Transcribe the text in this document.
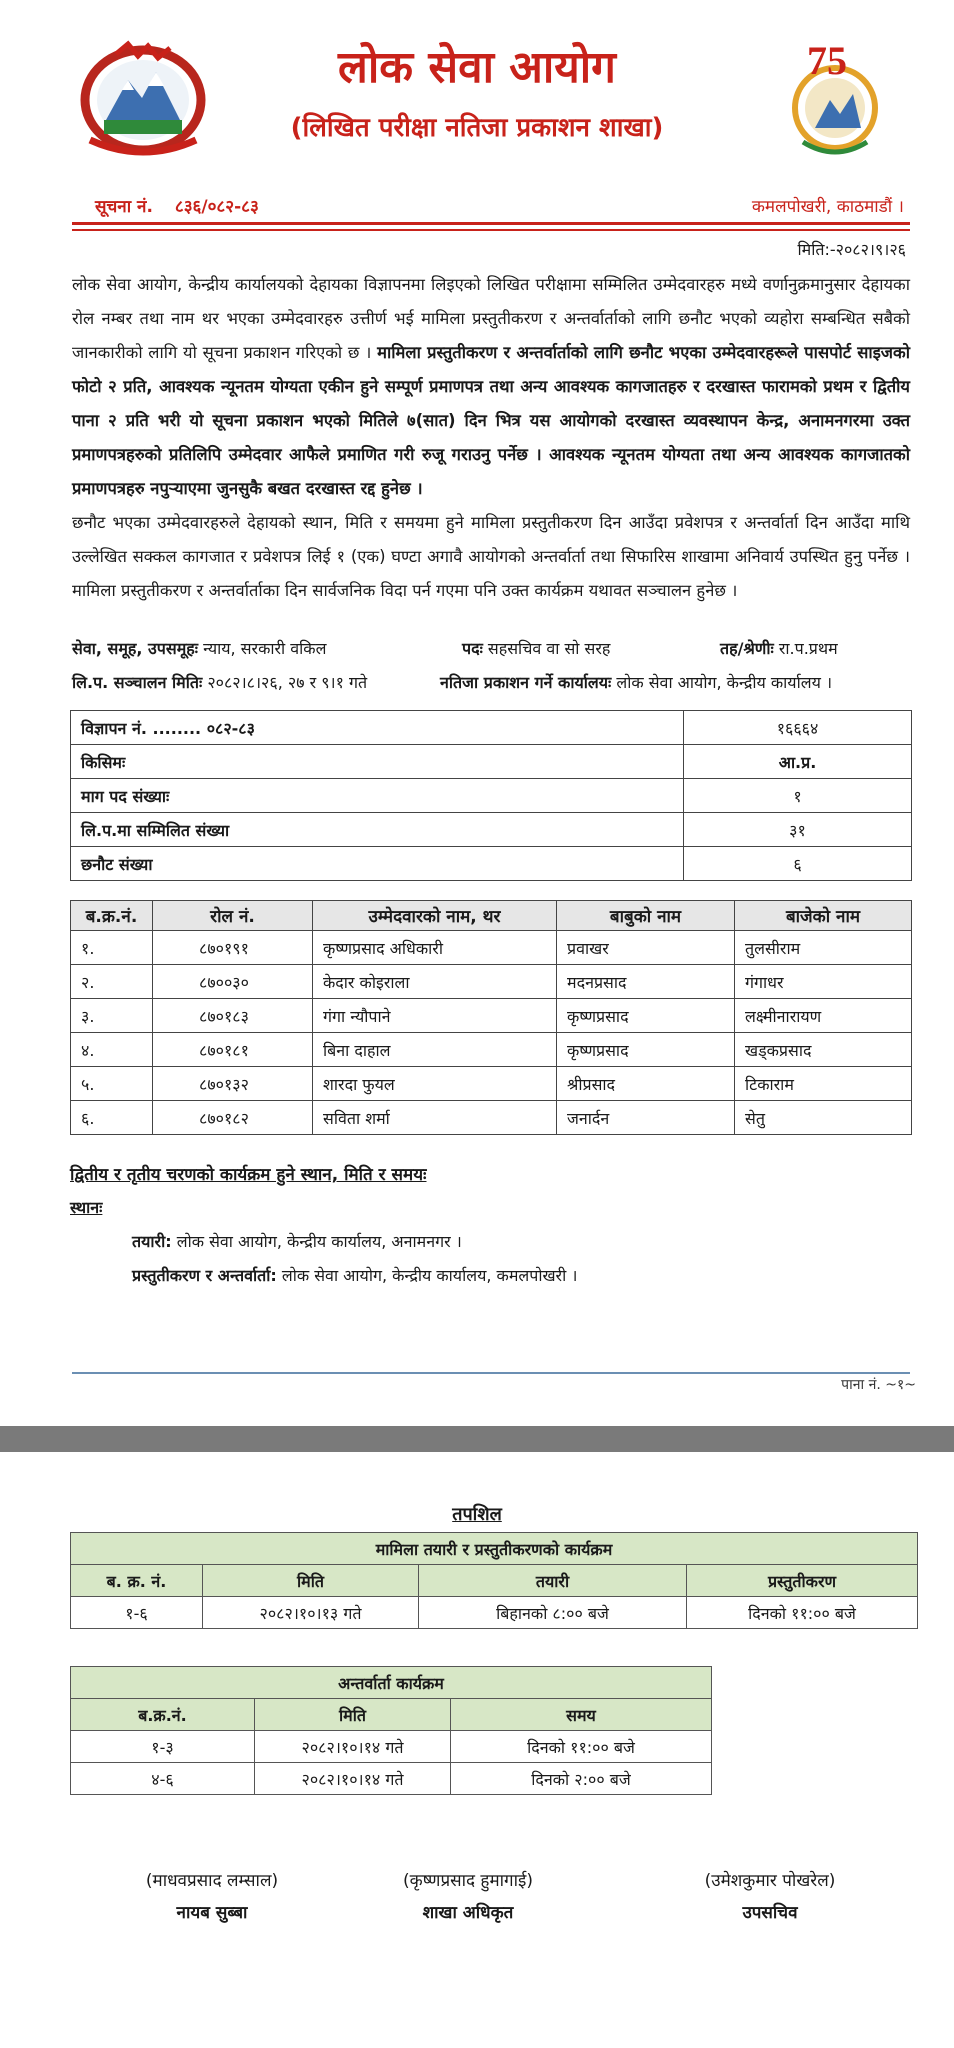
लोक सेवा आयोग
(लिखित परीक्षा नतिजा प्रकाशन शाखा)
75
सूचना नं. ८३६/०८२-८३	कमलपोखरी, काठमाडौं ।
मिति:-२०८२।९।२६
लोक सेवा आयोग, केन्द्रीय कार्यालयको देहायका विज्ञापनमा लिइएको लिखित परीक्षामा सम्मिलित उम्मेदवारहरु मध्ये वर्णानुक्रमानुसार देहायका रोल नम्बर तथा नाम थर भएका उम्मेदवारहरु उत्तीर्ण भई मामिला प्रस्तुतीकरण र अन्तर्वार्ताको लागि छनौट भएको व्यहोरा सम्बन्धित सबैको जानकारीको लागि यो सूचना प्रकाशन गरिएको छ । मामिला प्रस्तुतीकरण र अन्तर्वार्ताको लागि छनौट भएका उम्मेदवारहरूले पासपोर्ट साइजको फोटो २ प्रति, आवश्यक न्यूनतम योग्यता एकीन हुने सम्पूर्ण प्रमाणपत्र तथा अन्य आवश्यक कागजातहरु र दरखास्त फारामको प्रथम र द्वितीय पाना २ प्रति भरी यो सूचना प्रकाशन भएको मितिले ७(सात) दिन भित्र यस आयोगको दरखास्त व्यवस्थापन केन्द्र, अनामनगरमा उक्त प्रमाणपत्रहरुको प्रतिलिपि उम्मेदवार आफैले प्रमाणित गरी रुजू गराउनु पर्नेछ । आवश्यक न्यूनतम योग्यता तथा अन्य आवश्यक कागजातको प्रमाणपत्रहरु नपुऱ्याएमा जुनसुकै बखत दरखास्त रद्द हुनेछ ।
छनौट भएका उम्मेदवारहरुले देहायको स्थान, मिति र समयमा हुने मामिला प्रस्तुतीकरण दिन आउँदा प्रवेशपत्र र अन्तर्वार्ता दिन आउँदा माथि उल्लेखित सक्कल कागजात र प्रवेशपत्र लिई १ (एक) घण्टा अगावै आयोगको अन्तर्वार्ता तथा सिफारिस शाखामा अनिवार्य उपस्थित हुनु पर्नेछ । मामिला प्रस्तुतीकरण र अन्तर्वार्ताका दिन सार्वजनिक विदा पर्न गएमा पनि उक्त कार्यक्रम यथावत सञ्चालन हुनेछ ।
सेवा, समूह, उपसमूहः न्याय, सरकारी वकिल	पदः सहसचिव वा सो सरह	तह/श्रेणीः रा.प.प्रथम
लि.प. सञ्चालन मितिः २०८२।८।२६, २७ र ९।१ गते	नतिजा प्रकाशन गर्ने कार्यालयः लोक सेवा आयोग, केन्द्रीय कार्यालय ।
विज्ञापन नं. ........ ०८२-८३	१६६६४
किसिमः	आ.प्र.
माग पद संख्याः	१
लि.प.मा सम्मिलित संख्या	३१
छनौट संख्या	६
ब.क्र.नं.	रोल नं.	उम्मेदवारको नाम, थर	बाबुको नाम	बाजेको नाम
१.	८७०१९१	कृष्णप्रसाद अधिकारी	प्रवाखर	तुलसीराम
२.	८७००३०	केदार कोइराला	मदनप्रसाद	गंगाधर
३.	८७०१८३	गंगा न्यौपाने	कृष्णप्रसाद	लक्ष्मीनारायण
४.	८७०१८१	बिना दाहाल	कृष्णप्रसाद	खड्कप्रसाद
५.	८७०१३२	शारदा फुयल	श्रीप्रसाद	टिकाराम
६.	८७०१८२	सविता शर्मा	जनार्दन	सेतु
द्वितीय र तृतीय चरणको कार्यक्रम हुने स्थान, मिति र समयः
स्थानः
तयारी: लोक सेवा आयोग, केन्द्रीय कार्यालय, अनामनगर ।
प्रस्तुतीकरण र अन्तर्वार्ता: लोक सेवा आयोग, केन्द्रीय कार्यालय, कमलपोखरी ।
पाना नं. ~१~
तपशिल
मामिला तयारी र प्रस्तुतीकरणको कार्यक्रम			
ब. क्र. नं.	मिति	तयारी	प्रस्तुतीकरण
१-६	२०८२।१०।१३ गते	बिहानको ८:०० बजे	दिनको ११:०० बजे
अन्तर्वार्ता कार्यक्रम		
ब.क्र.नं.	मिति	समय
१-३	२०८२।१०।१४ गते	दिनको ११:०० बजे
४-६	२०८२।१०।१४ गते	दिनको २:०० बजे
(माधवप्रसाद लम्साल)
नायब सुब्बा
(कृष्णप्रसाद हुमागाई)
शाखा अधिकृत
(उमेशकुमार पोखरेल)
उपसचिव
